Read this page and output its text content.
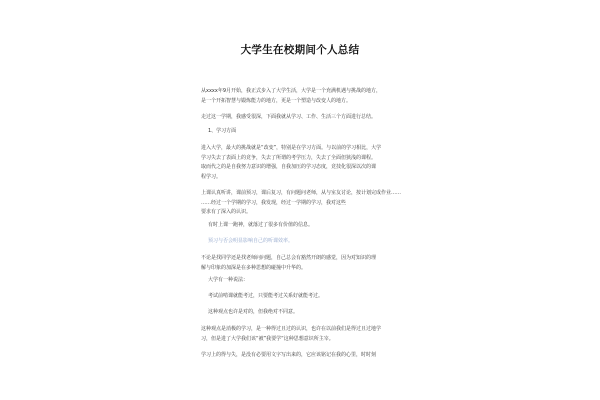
大学生在校期间个人总结
从xxxx年9月开始，我正式步入了大学生活，大学是一个充满机遇与挑战的地方，
是一个开拓智慧与锻炼能力的地方，更是一个塑造与改变人的地方。
走过这一学期，我感受很深，下面我就从学习、工作、生活三个方面进行总结。
1、学习方面
进入大学，最大的挑战就是“改变”，特别是在学习方面。与以前的学习相比，大学
学习失去了表面上的竞争，失去了所谓的考学压力，失去了全面但狭浅的课程。
取而代之的是自我努力意识的增强，自我加压的学习态度，竞技化很深以次的课
程学习。
上课认真听讲，课前预习，课后复习，有问题问老师，从与室友讨论，按计划完成作业……
……经过一个学期的学习，我发现，经过一学期的学习，我对这些
要求有了深入的认识。
有时上课一跑神，就落过了很多有价值的信息。
预习与否会明显影响自己的听课效率。
不论是找同学还是找老师问问题，自己总会有豁然开朗的感觉，因为对知识的理
解与印象的加深是在多种思想的碰撞中升华的。
大学有一种说法：
考试前啃课就能考过，只要能考过关系好就能考过。
这种观点也许是对的，但我绝对不同意。
这种观点是消极的学习，是一种得过且过的认识，也许在以前我们是得过且过地学
习，但是进了大学我们该“被”我要学“这种思想意识所主宰。
学习上的得与失，是没有必要用文字写出来的，它应该铭记在我的心里，时时刻
